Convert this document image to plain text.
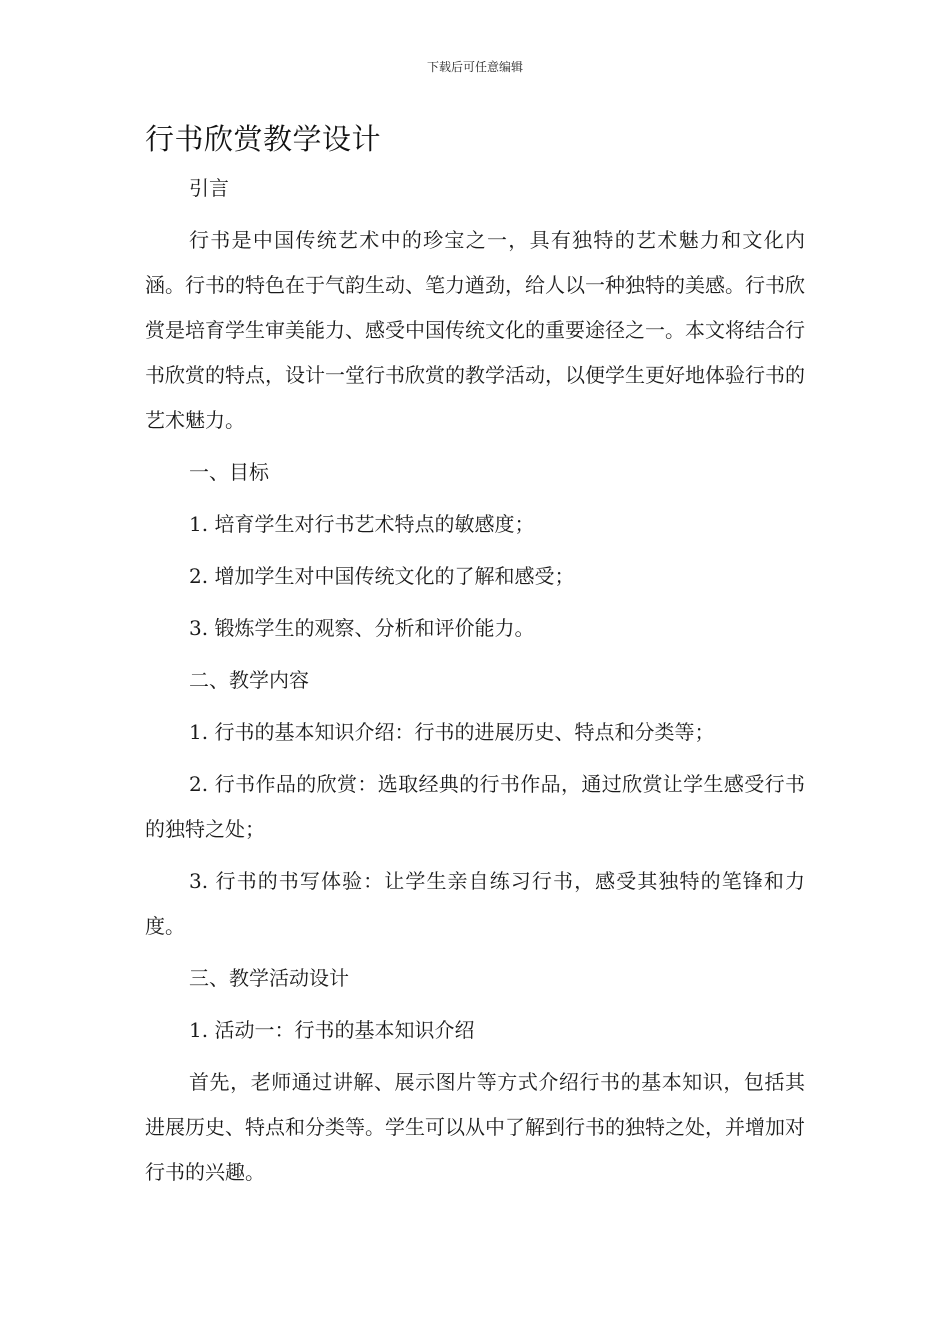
下载后可任意编辑
行书欣赏教学设计

引言

行书是中国传统艺术中的珍宝之一，具有独特的艺术魅力和文化内涵。行书的特色在于气韵生动、笔力遒劲，给人以一种独特的美感。行书欣赏是培育学生审美能力、感受中国传统文化的重要途径之一。本文将结合行书欣赏的特点，设计一堂行书欣赏的教学活动，以便学生更好地体验行书的艺术魅力。

一、目标

1. 培育学生对行书艺术特点的敏感度；

2. 增加学生对中国传统文化的了解和感受；

3. 锻炼学生的观察、分析和评价能力。

二、教学内容

1. 行书的基本知识介绍：行书的进展历史、特点和分类等；

2. 行书作品的欣赏：选取经典的行书作品，通过欣赏让学生感受行书的独特之处；

3. 行书的书写体验：让学生亲自练习行书，感受其独特的笔锋和力度。

三、教学活动设计

1. 活动一：行书的基本知识介绍

首先，老师通过讲解、展示图片等方式介绍行书的基本知识，包括其进展历史、特点和分类等。学生可以从中了解到行书的独特之处，并增加对行书的兴趣。
